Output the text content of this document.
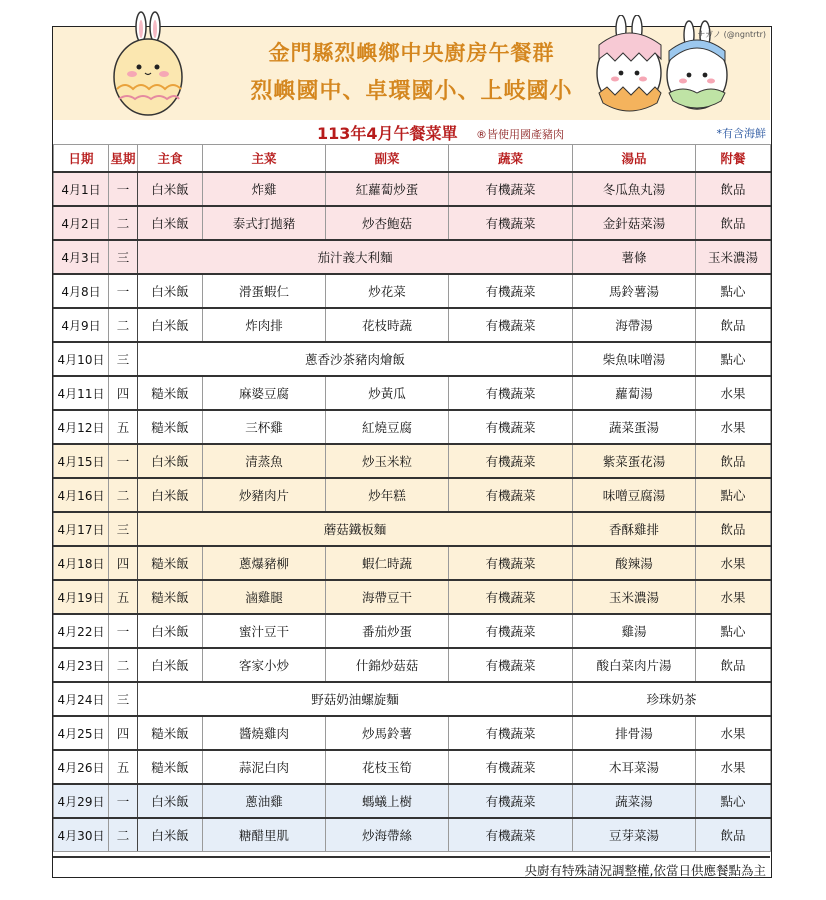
金門縣烈嶼鄉中央廚房午餐群
烈嶼國中、卓環國小、上岐國小
ナガノ (@ngntrtr)
113年4月午餐菜單 ®皆使用國產豬肉	*有含海鮮
日期	星期	主食	主菜	副菜	蔬菜	湯品	附餐
4月1日	一	白米飯	炸雞	紅蘿蔔炒蛋	有機蔬菜	冬瓜魚丸湯	飲品
4月2日	二	白米飯	泰式打拋豬	炒杏鮑菇	有機蔬菜	金針菇菜湯	飲品
4月3日	三	茄汁義大利麵				薯條	玉米濃湯
4月8日	一	白米飯	滑蛋蝦仁	炒花菜	有機蔬菜	馬鈴薯湯	點心
4月9日	二	白米飯	炸肉排	花枝時蔬	有機蔬菜	海帶湯	飲品
4月10日	三	蔥香沙茶豬肉燴飯				柴魚味噌湯	點心
4月11日	四	糙米飯	麻婆豆腐	炒黃瓜	有機蔬菜	蘿蔔湯	水果
4月12日	五	糙米飯	三杯雞	紅燒豆腐	有機蔬菜	蔬菜蛋湯	水果
4月15日	一	白米飯	清蒸魚	炒玉米粒	有機蔬菜	紫菜蛋花湯	飲品
4月16日	二	白米飯	炒豬肉片	炒年糕	有機蔬菜	味噌豆腐湯	點心
4月17日	三	蘑菇鐵板麵				香酥雞排	飲品
4月18日	四	糙米飯	蔥爆豬柳	蝦仁時蔬	有機蔬菜	酸辣湯	水果
4月19日	五	糙米飯	滷雞腿	海帶豆干	有機蔬菜	玉米濃湯	水果
4月22日	一	白米飯	蜜汁豆干	番茄炒蛋	有機蔬菜	雞湯	點心
4月23日	二	白米飯	客家小炒	什錦炒菇菇	有機蔬菜	酸白菜肉片湯	飲品
4月24日	三	野菇奶油螺旋麵				珍珠奶茶	
4月25日	四	糙米飯	醬燒雞肉	炒馬鈴薯	有機蔬菜	排骨湯	水果
4月26日	五	糙米飯	蒜泥白肉	花枝玉筍	有機蔬菜	木耳菜湯	水果
4月29日	一	白米飯	蔥油雞	螞蟻上樹	有機蔬菜	蔬菜湯	點心
4月30日	二	白米飯	糖醋里肌	炒海帶絲	有機蔬菜	豆芽菜湯	飲品
央廚有特殊請況調整權,依當日供應餐點為主
